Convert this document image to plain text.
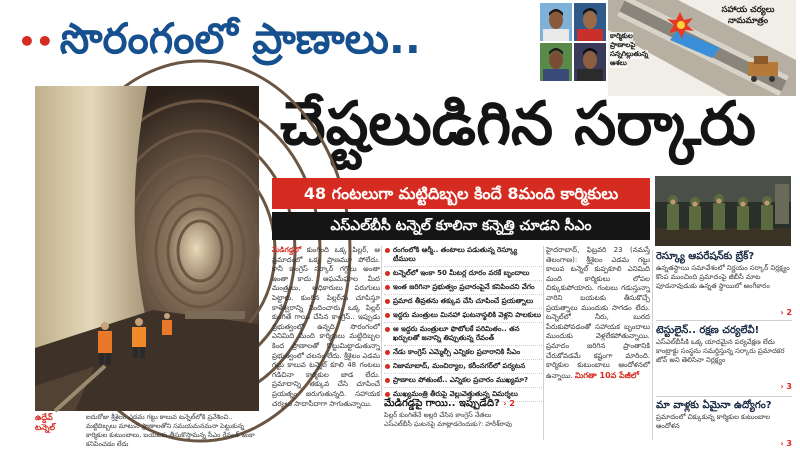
•• సొరంగంలో ప్రాణాలు..
సహాయ చర్యలు
నామమాత్రం
కార్మికుల
ప్రాణాలపై
సన్నగిల్లుతున్న
ఆశలు
చేష్టలుడిగిన సర్కారు
ఉద్దేవ్
టన్నెల్
ఐదురోజు శ్రీశైలం ఎడమ గట్టు కాలువ టన్నెల్‌లోకి ప్రవేశించి.. మట్టిదిబ్బలు మాటున ప్రాణాలతోని సమయమనమనా పెట్టుకున్న కార్మికుల కుటుంబాలు, బయటకు తీసుకొస్తామన్న సీఎం రేవంత్ ఇంకా కనిపించడం లేదు
48 గంటలుగా మట్టిదిబ్బల కిందే 8మంది కార్మికులు
ఎస్‌ఎల్‌బీసీ టన్నెల్ కూలినా కన్నెత్తి చూడని సీఎం
మేడిగడ్డలో కుంగింది ఒక్క పిల్లర్, ఆ ప్రమాదంలో ఒక్క ప్రాణమూ పోలేదు. కానీ కాంగ్రెస్ సర్కార్ గగ్గోలు అంతా ఇంతా కాదు. ఆఘమేఘాల మీద మంత్రులు, అధికారులు పరుగులు పెట్టారు. కుంగిన పిల్లర్‌ను చూపిస్తూ కాళేశ్వరాన్ని నిందించారు. ఒక్క పిల్లర్ కుంగితే గాయి చేసిన కాంగ్రెస్.. ఇప్పుడు ప్రభుత్వంలో ఉన్నది. సొరంగంలో ఎనిమిది మంది కార్మికులు మట్టిదిబ్బల కింద ప్రాణాలతో కొట్టుమిట్టాడుతున్నా ప్రభుత్వంలో చలనం లేదు. శ్రీశైలం ఎడమ గట్టు కాలువ టన్నెల్ కూలి 48 గంటలు గడిచినా కార్మికుల జాడ లేదు. ప్రమాదాన్ని తక్కువ చేసి చూపించే ప్రయత్నం జరుగుతున్నది. సహాయక చర్యలు సాదాసీదాగా సాగుతున్నాయి.
రంగంలోకి ఆర్మీ.. తంటాలు పడుతున్న రెస్క్యూ టీములు
టన్నెల్‌లో ఇంకా 50 మీటర్ల దూరం వరకే బృందాలు
ఇంత జరిగినా ప్రభుత్వం ప్రచారంపైనే కనిపించని వేగం
ప్రమాద తీవ్రతను తక్కువ చేసి చూపించే ప్రయత్నాలు
ఇద్దరు మంత్రులు మినహా ఘటనాస్థలికి వెళ్లని పాలకులు
ఆ ఇద్దరు మంత్రులూ ఫొటోలకే పరిమితం.. తన ఖర్చులతో జనాన్ని తిప్పుతున్న రేవంత్
నేడు కాంగ్రెస్ ఎమ్మెల్సీ ఎన్నికల ప్రచారానికి సీఎం
నిజామాబాద్, మంచిర్యాల, కరీంనగర్‌లో పర్యటన
ప్రాణాలు పోతుంటే.. ఎన్నికల ప్రచారం ముఖ్యమా?
ముఖ్యమంత్రి తీరుపై వెల్లువెత్తుతున్న విమర్శలు
హైదరాబాద్, ఫిబ్రవరి 23 (నమస్తే తెలంగాణ): శ్రీశైలం ఎడమ గట్టు కాలువ టన్నెల్ కుప్పకూలి ఎనిమిది మంది కార్మికులు లోపల చిక్కుకుపోయారు. గంటలు గడుస్తున్నా వారిని బయటకు తీసుకొచ్చే ప్రయత్నాలు ముందుకు సాగడం లేదు. టన్నెల్‌లో నీరు, బురద పేరుకుపోవడంతో సహాయక బృందాలు ముందుకు వెళ్లలేకపోతున్నాయి. ప్రమాదం జరిగిన ప్రాంతానికి చేరుకోవడమే కష్టంగా మారింది. కార్మికుల కుటుంబాలు ఆందోళనలో ఉన్నాయి. మిగతా 10వ పేజీలో
మేడిగడ్డపై గాయి.. ఇప్పుడేది? › 2
పిల్లర్ కుంగితేనే అల్లరి చేసిన కాంగ్రెస్ నేతలు
ఎస్‌ఎల్‌బీసీ ఘటనపై మాట్లాడరెందుకు?: హరీశ్‌రావు
రెస్క్యూ ఆపరేషన్‌కు బ్రేక్?
ఉన్నతస్థాయి సమావేశంలో నిర్ణయం సర్కార్ నిర్లక్ష్యం కొంప ముంచింది ప్రమాదంపై జీబీసీ మాట పూడనావుడుకు ఉన్నత స్థాయిలో అంగీకారం
› 2
టెస్టులైన్.. రక్షణ చర్యలేవీ!
ఎస్‌ఎల్‌బీసీకి ఒక్క యాదమైన పర్యవేక్షణ లేదు కాంట్రాక్టు సంస్థను సమర్థిస్తున్న సర్కారు ప్రమాదకర జోన్ అని తెలిసినా నిర్లక్ష్యం
› 3
మా వాళ్లకు ఏమైనా ఉద్యోగం?
ప్రమాదంలో చిక్కుకున్న కార్మికుల కుటుంబాల ఆందోళన
› 3
